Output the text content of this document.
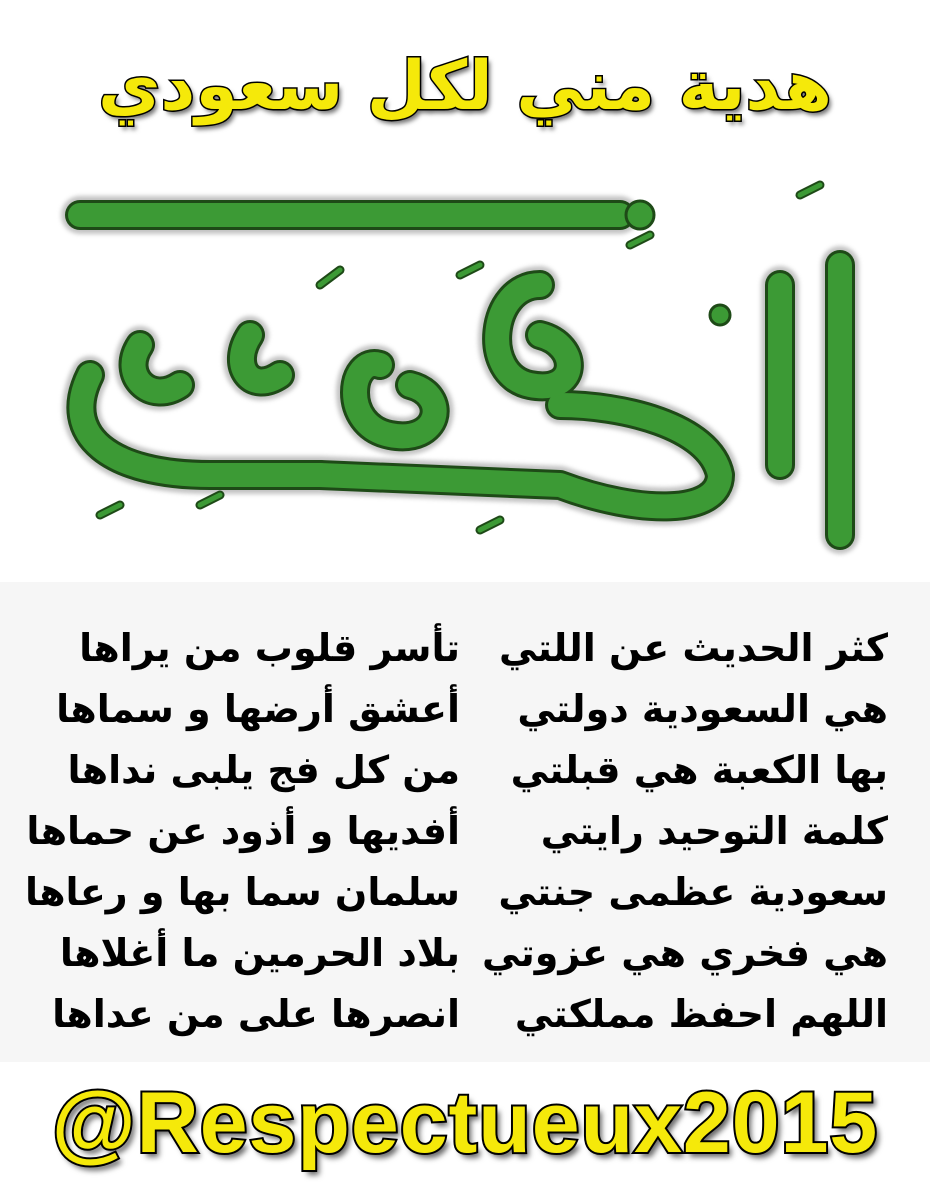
هدية مني لكل سعودي
كثر الحديث عن اللتي
هي السعودية دولتي
بها الكعبة هي قبلتي
كلمة التوحيد رايتي
سعودية عظمى جنتي
هي فخري هي عزوتي
اللهم احفظ مملكتي
تأسر قلوب من يراها
أعشق أرضها و سماها
من كل فج يلبى نداها
أفديها و أذود عن حماها
سلمان سما بها و رعاها
بلاد الحرمين ما أغلاها
انصرها على من عداها
@Respectueux2015
